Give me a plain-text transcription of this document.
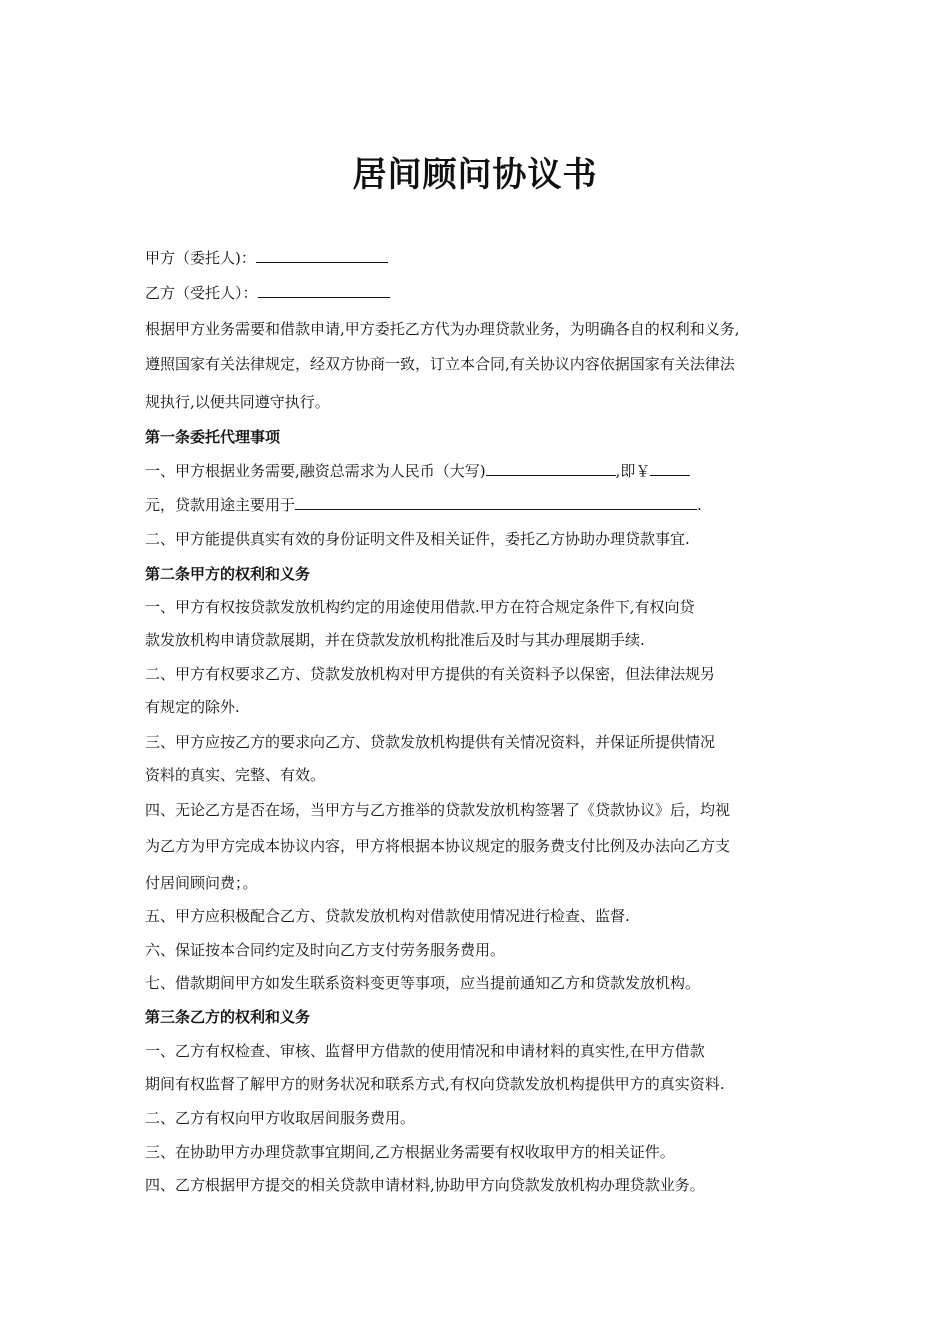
居间顾问协议书
甲方（委托人)：
乙方（受托人）：
根据甲方业务需要和借款申请,甲方委托乙方代为办理贷款业务，为明确各自的权利和义务,
遵照国家有关法律规定，经双方协商一致，订立本合同,有关协议内容依据国家有关法律法
规执行,以便共同遵守执行。
第一条委托代理事项
一、甲方根据业务需要,融资总需求为人民币（大写)	,即￥
元，贷款用途主要用于	.
二、甲方能提供真实有效的身份证明文件及相关证件，委托乙方协助办理贷款事宜.
第二条甲方的权利和义务
一、甲方有权按贷款发放机构约定的用途使用借款.甲方在符合规定条件下,有权向贷
款发放机构申请贷款展期，并在贷款发放机构批准后及时与其办理展期手续.
二、甲方有权要求乙方、贷款发放机构对甲方提供的有关资料予以保密，但法律法规另
有规定的除外.
三、甲方应按乙方的要求向乙方、贷款发放机构提供有关情况资料，并保证所提供情况
资料的真实、完整、有效。
四、无论乙方是否在场，当甲方与乙方推举的贷款发放机构签署了《贷款协议》后，均视
为乙方为甲方完成本协议内容，甲方将根据本协议规定的服务费支付比例及办法向乙方支
付居间顾问费；。
五、甲方应积极配合乙方、贷款发放机构对借款使用情况进行检查、监督.
六、保证按本合同约定及时向乙方支付劳务服务费用。
七、借款期间甲方如发生联系资料变更等事项，应当提前通知乙方和贷款发放机构。
第三条乙方的权利和义务
一、乙方有权检查、审核、监督甲方借款的使用情况和申请材料的真实性,在甲方借款
期间有权监督了解甲方的财务状况和联系方式,有权向贷款发放机构提供甲方的真实资料.
二、乙方有权向甲方收取居间服务费用。
三、在协助甲方办理贷款事宜期间,乙方根据业务需要有权收取甲方的相关证件。
四、乙方根据甲方提交的相关贷款申请材料,协助甲方向贷款发放机构办理贷款业务。
